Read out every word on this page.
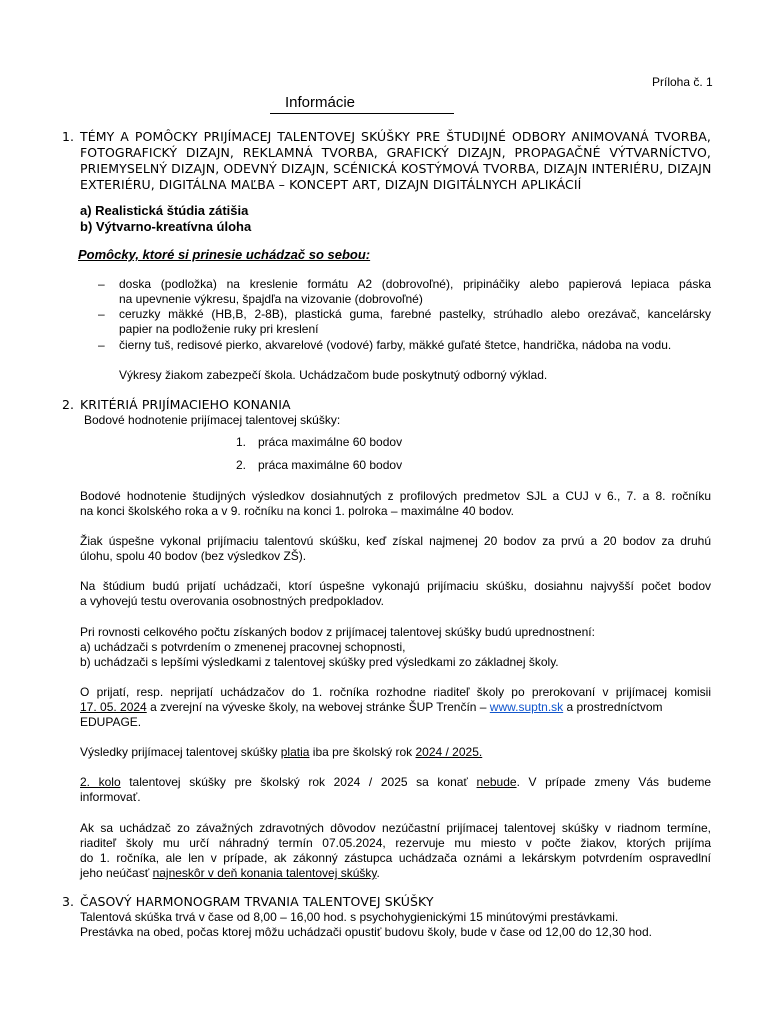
Príloha č. 1

Informácie

1. TÉMY A POMÔCKY PRIJÍMACEJ TALENTOVEJ SKÚŠKY PRE ŠTUDIJNÉ ODBORY ANIMOVANÁ TVORBA,

FOTOGRAFICKÝ DIZAJN, REKLAMNÁ TVORBA, GRAFICKÝ DIZAJN, PROPAGAČNÉ VÝTVARNÍCTVO,

PRIEMYSELNÝ DIZAJN, ODEVNÝ DIZAJN, SCÉNICKÁ KOSTÝMOVÁ TVORBA, DIZAJN INTERIÉRU, DIZAJN

EXTERIÉRU, DIGITÁLNA MAĽBA – KONCEPT ART, DIZAJN DIGITÁLNYCH APLIKÁCIÍ

a) Realistická štúdia zátišia

b) Výtvarno-kreatívna úloha

Pomôcky, ktoré si prinesie uchádzač so sebou:

– doska (podložka) na kreslenie formátu A2 (dobrovoľné), pripináčiky alebo papierová lepiaca páska

na upevnenie výkresu, špajdľa na vizovanie (dobrovoľné)

– ceruzky mäkké (HB,B, 2-8B), plastická guma, farebné pastelky, strúhadlo alebo orezávač, kancelársky

papier na podloženie ruky pri kreslení

– čierny tuš, redisové pierko, akvarelové (vodové) farby, mäkké guľaté štetce, handrička, nádoba na vodu.

Výkresy žiakom zabezpečí škola. Uchádzačom bude poskytnutý odborný výklad.

2. KRITÉRIÁ PRIJÍMACIEHO KONANIA

Bodové hodnotenie prijímacej talentovej skúšky:

1. práca maximálne 60 bodov

2. práca maximálne 60 bodov

Bodové hodnotenie študijných výsledkov dosiahnutých z profilových predmetov SJL a CUJ v 6., 7. a 8. ročníku

na konci školského roka a v 9. ročníku na konci 1. polroka – maximálne 40 bodov.

Žiak úspešne vykonal prijímaciu talentovú skúšku, keď získal najmenej 20 bodov za prvú a 20 bodov za druhú

úlohu, spolu 40 bodov (bez výsledkov ZŠ).

Na štúdium budú prijatí uchádzači, ktorí úspešne vykonajú prijímaciu skúšku, dosiahnu najvyšší počet bodov

a vyhovejú testu overovania osobnostných predpokladov.

Pri rovnosti celkového počtu získaných bodov z prijímacej talentovej skúšky budú uprednostnení:

a) uchádzači s potvrdením o zmenenej pracovnej schopnosti,

b) uchádzači s lepšími výsledkami z talentovej skúšky pred výsledkami zo základnej školy.

O prijatí, resp. neprijatí uchádzačov do 1. ročníka rozhodne riaditeľ školy po prerokovaní v prijímacej komisii

17. 05. 2024 a zverejní na výveske školy, na webovej stránke ŠUP Trenčín – www.suptn.sk a prostredníctvom

EDUPAGE.

Výsledky prijímacej talentovej skúšky platia iba pre školský rok 2024 / 2025.

2. kolo talentovej skúšky pre školský rok 2024 / 2025 sa konať nebude. V prípade zmeny Vás budeme

informovať.

Ak sa uchádzač zo závažných zdravotných dôvodov nezúčastní prijímacej talentovej skúšky v riadnom termíne,

riaditeľ školy mu určí náhradný termín 07.05.2024, rezervuje mu miesto v počte žiakov, ktorých prijíma

do 1. ročníka, ale len v prípade, ak zákonný zástupca uchádzača oznámi a lekárskym potvrdením ospravedlní

jeho neúčasť najneskôr v deň konania talentovej skúšky.

3. ČASOVÝ HARMONOGRAM TRVANIA TALENTOVEJ SKÚŠKY

Talentová skúška trvá v čase od 8,00 – 16,00 hod. s psychohygienickými 15 minútovými prestávkami.

Prestávka na obed, počas ktorej môžu uchádzači opustiť budovu školy, bude v čase od 12,00 do 12,30 hod.
